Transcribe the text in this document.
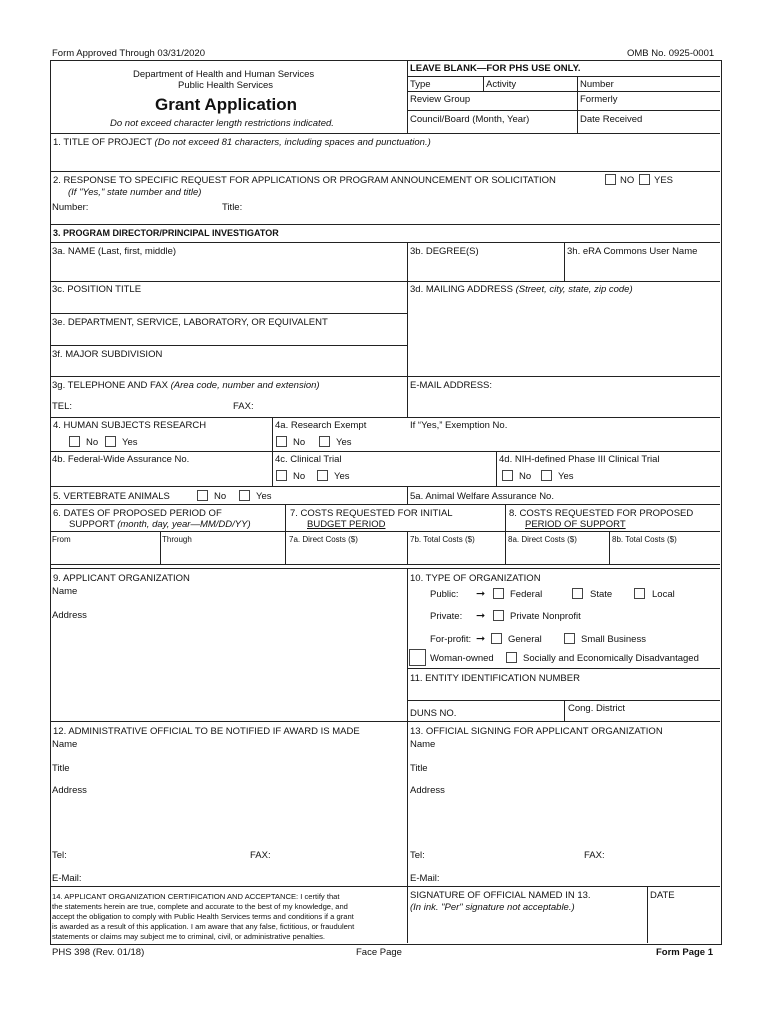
Form Approved Through 03/31/2020	OMB No. 0925-0001
Department of Health and Human Services
Public Health Services
Grant Application
Do not exceed character length restrictions indicated.
LEAVE BLANK—FOR PHS USE ONLY.
Type	Activity	Number
Review Group	Formerly
Council/Board (Month, Year)	Date Received
1. TITLE OF PROJECT (Do not exceed 81 characters, including spaces and punctuation.)
2. RESPONSE TO SPECIFIC REQUEST FOR APPLICATIONS OR PROGRAM ANNOUNCEMENT OR SOLICITATION	NO YES
(If "Yes," state number and title)
Number:	Title:
3. PROGRAM DIRECTOR/PRINCIPAL INVESTIGATOR
3a. NAME (Last, first, middle)	3b. DEGREE(S)	3h. eRA Commons User Name
3c. POSITION TITLE	3d. MAILING ADDRESS (Street, city, state, zip code)
3e. DEPARTMENT, SERVICE, LABORATORY, OR EQUIVALENT
3f. MAJOR SUBDIVISION
3g. TELEPHONE AND FAX (Area code, number and extension)	E-MAIL ADDRESS:
TEL:	FAX:
4. HUMAN SUBJECTS RESEARCH
No	Yes
4a. Research Exempt
No	Yes
If “Yes,” Exemption No.
4b. Federal-Wide Assurance No.	4c. Clinical Trial
No	Yes
4d. NIH-defined Phase III Clinical Trial
No	Yes
5. VERTEBRATE ANIMALS	No	Yes	5a. Animal Welfare Assurance No.
6. DATES OF PROPOSED PERIOD OF
SUPPORT (month, day, year—MM/DD/YY)
7. COSTS REQUESTED FOR INITIAL
BUDGET PERIOD
8. COSTS REQUESTED FOR PROPOSED
PERIOD OF SUPPORT
From	Through	7a. Direct Costs ($)	7b. Total Costs ($)	8a. Direct Costs ($)	8b. Total Costs ($)
9. APPLICANT ORGANIZATION
Name
Address
10. TYPE OF ORGANIZATION
Public: ➞	Federal	State	Local
Private: ➞	Private Nonprofit
For-profit: ➞ General	Small Business
Woman-owned	Socially and Economically Disadvantaged
11. ENTITY IDENTIFICATION NUMBER
DUNS NO.	Cong. District
12. ADMINISTRATIVE OFFICIAL TO BE NOTIFIED IF AWARD IS MADE
Name
Title
Address
Tel:	FAX:
E-Mail:
13. OFFICIAL SIGNING FOR APPLICANT ORGANIZATION
Name
Title
Address
Tel:	FAX:
E-Mail:
14. APPLICANT ORGANIZATION CERTIFICATION AND ACCEPTANCE: I certify that
the statements herein are true, complete and accurate to the best of my knowledge, and
accept the obligation to comply with Public Health Services terms and conditions if a grant
is awarded as a result of this application. I am aware that any false, fictitious, or fraudulent
statements or claims may subject me to criminal, civil, or administrative penalties.
SIGNATURE OF OFFICIAL NAMED IN 13.
(In ink. "Per" signature not acceptable.)
DATE
PHS 398 (Rev. 01/18)	Face Page	Form Page 1
